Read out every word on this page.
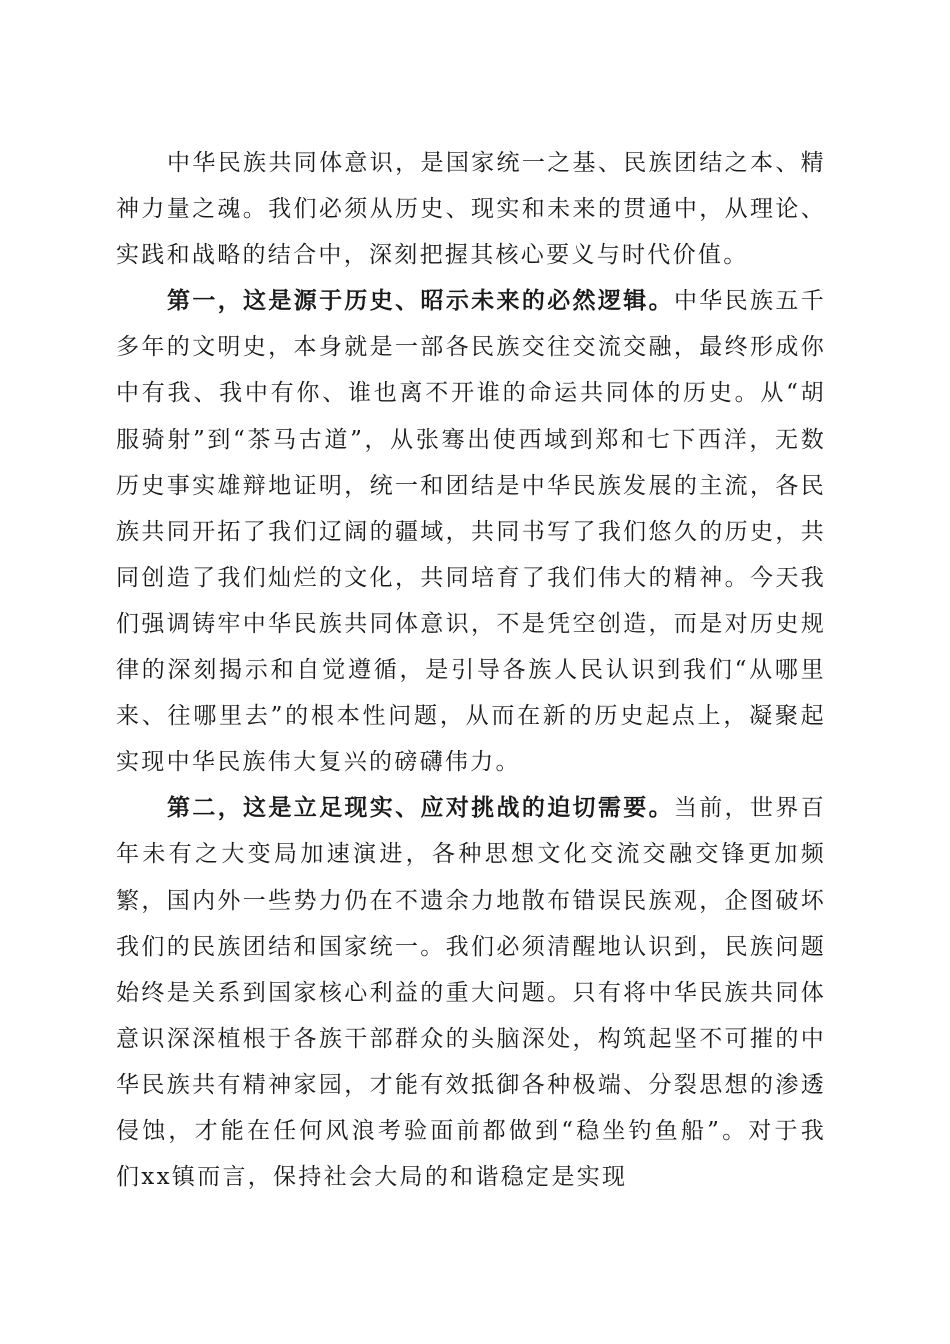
中华民族共同体意识，是国家统一之基、民族团结之本、精神力量之魂。我们必须从历史、现实和未来的贯通中，从理论、实践和战略的结合中，深刻把握其核心要义与时代价值。

第一，这是源于历史、昭示未来的必然逻辑。中华民族五千多年的文明史，本身就是一部各民族交往交流交融，最终形成你中有我、我中有你、谁也离不开谁的命运共同体的历史。从“胡服骑射”到“茶马古道”，从张骞出使西域到郑和七下西洋，无数历史事实雄辩地证明，统一和团结是中华民族发展的主流，各民族共同开拓了我们辽阔的疆域，共同书写了我们悠久的历史，共同创造了我们灿烂的文化，共同培育了我们伟大的精神。今天我们强调铸牢中华民族共同体意识，不是凭空创造，而是对历史规律的深刻揭示和自觉遵循，是引导各族人民认识到我们“从哪里来、往哪里去”的根本性问题，从而在新的历史起点上，凝聚起实现中华民族伟大复兴的磅礴伟力。

第二，这是立足现实、应对挑战的迫切需要。当前，世界百年未有之大变局加速演进，各种思想文化交流交融交锋更加频繁，国内外一些势力仍在不遗余力地散布错误民族观，企图破坏我们的民族团结和国家统一。我们必须清醒地认识到，民族问题始终是关系到国家核心利益的重大问题。只有将中华民族共同体意识深深植根于各族干部群众的头脑深处，构筑起坚不可摧的中华民族共有精神家园，才能有效抵御各种极端、分裂思想的渗透侵蚀，才能在任何风浪考验面前都做到“稳坐钓鱼船”。对于我们xx镇而言，保持社会大局的和谐稳定是实现
